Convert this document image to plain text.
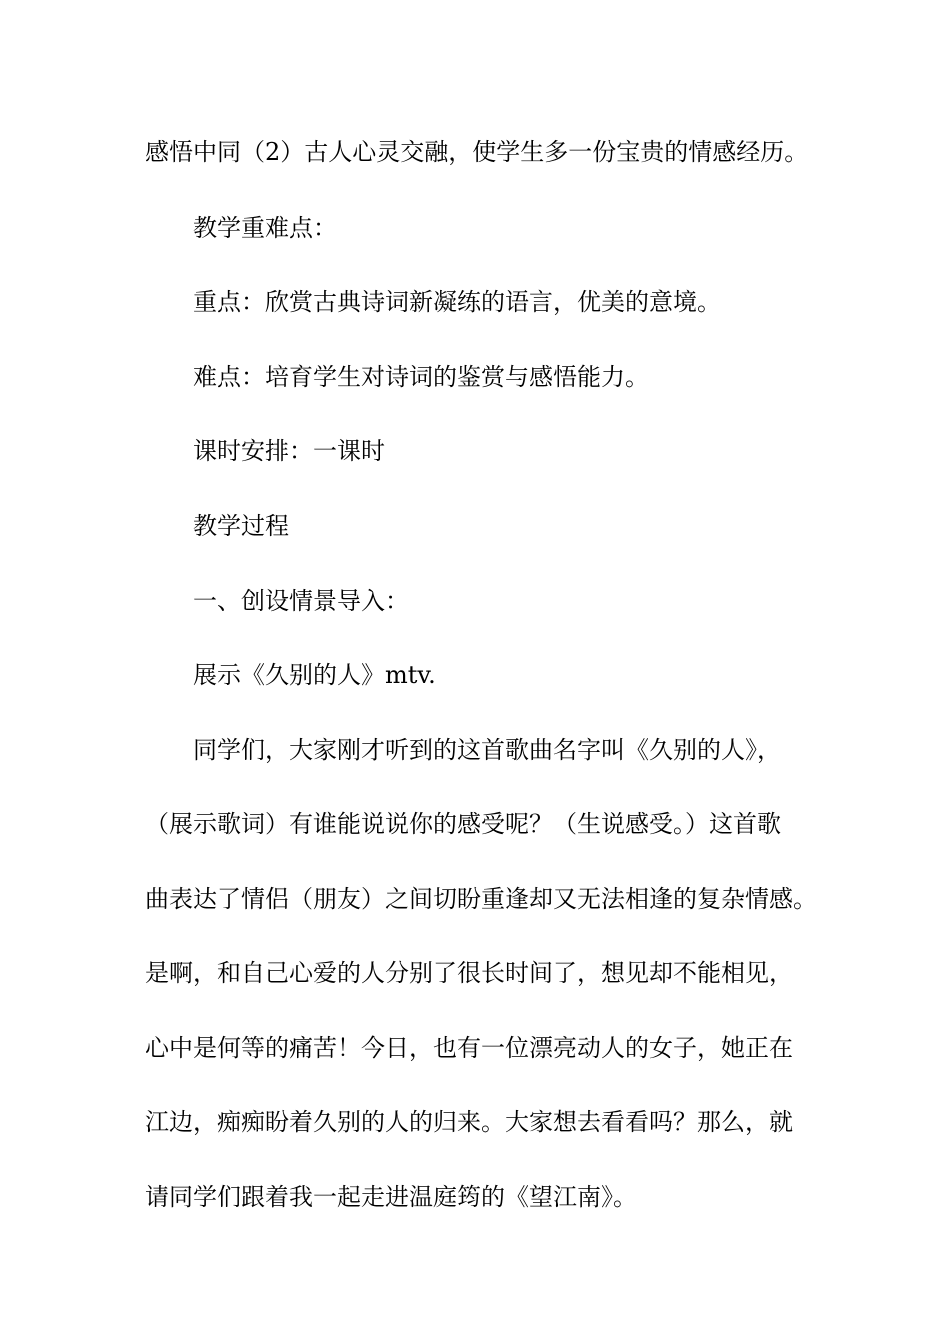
感悟中同（2）古人心灵交融，使学生多一份宝贵的情感经历。
教学重难点：
重点：欣赏古典诗词新凝练的语言，优美的意境。
难点：培育学生对诗词的鉴赏与感悟能力。
课时安排：一课时
教学过程
一、创设情景导入：
展示《久别的人》mtv.
同学们，大家刚才听到的这首歌曲名字叫《久别的人》，
（展示歌词）有谁能说说你的感受呢？（生说感受。）这首歌
曲表达了情侣（朋友）之间切盼重逢却又无法相逢的复杂情感。
是啊，和自己心爱的人分别了很长时间了，想见却不能相见，
心中是何等的痛苦！今日，也有一位漂亮动人的女子，她正在
江边，痴痴盼着久别的人的归来。大家想去看看吗？那么，就
请同学们跟着我一起走进温庭筠的《望江南》。
